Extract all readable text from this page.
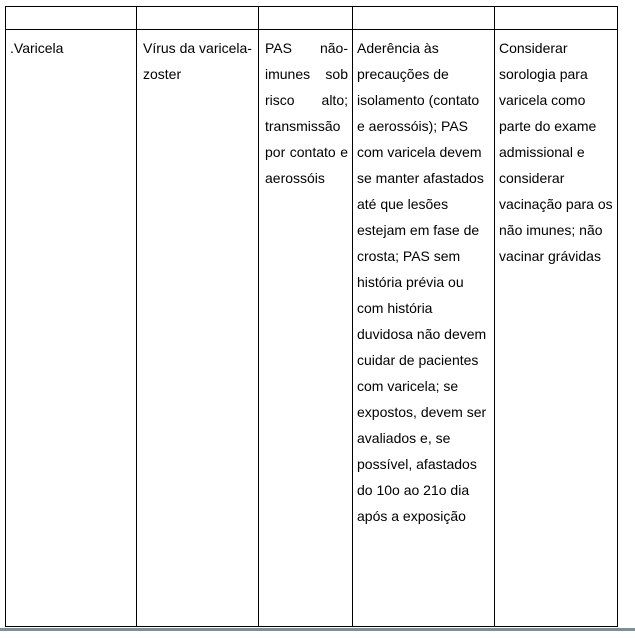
.Varicela	Vírus da varicela-zoster	PAS não-imunes sob risco alto; transmissão por contato e aerossóis	Aderência às precauções de isolamento (contato e aerossóis); PAS com varicela devem se manter afastados até que lesões estejam em fase de crosta; PAS sem história prévia ou com história duvidosa não devem cuidar de pacientes com varicela; se expostos, devem ser avaliados e, se possível, afastados do 10o ao 21o dia após a exposição	Considerar sorologia para varicela como parte do exame admissional e considerar vacinação para os não imunes; não vacinar grávidas
